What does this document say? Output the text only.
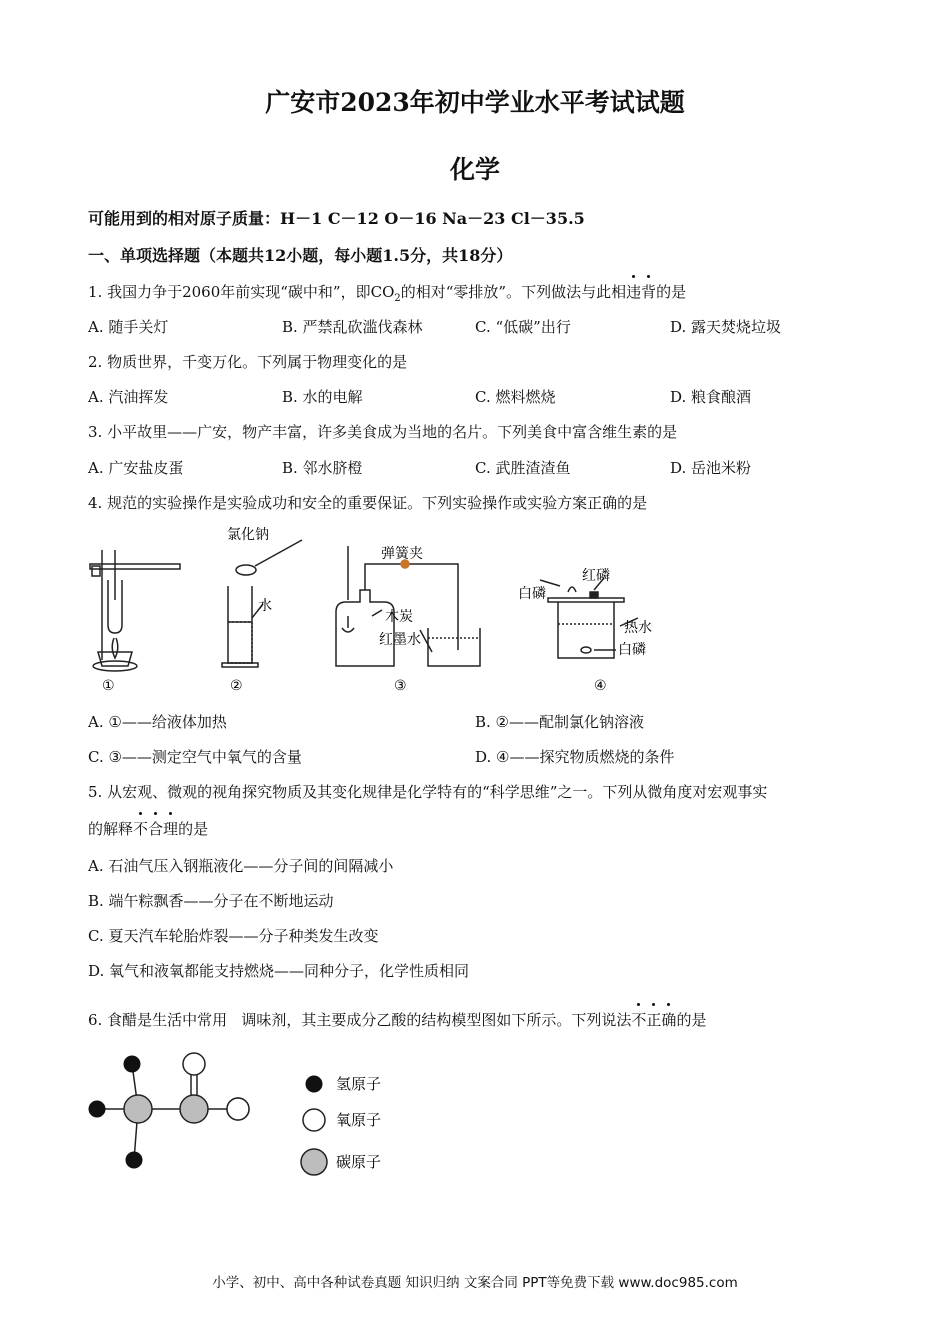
广安市2023年初中学业水平考试试题
化学
可能用到的相对原子质量：H－1 C－12 O－16 Na－23 Cl－35.5
一、单项选择题（本题共12小题，每小题1.5分，共18分）
1. 我国力争于2060年前实现“碳中和”，即$CO_2$的相对“零排放”。下列做法与此相违背的是
A. 随手关灯	B. 严禁乱砍滥伐森林	C. “低碳”出行	D. 露天焚烧垃圾
2. 物质世界，千变万化。下列属于物理变化的是
A. 汽油挥发	B. 水的电解	C. 燃料燃烧	D. 粮食酿酒
3. 小平故里——广安，物产丰富，许多美食成为当地的名片。下列美食中富含维生素的是
A. 广安盐皮蛋	B. 邻水脐橙	C. 武胜渣渣鱼	D. 岳池米粉
4. 规范的实验操作是实验成功和安全的重要保证。下列实验操作或实验方案正确的是
氯化钠
水
弹簧夹
木炭
红墨水
红磷
白磷
热水
白磷
①	②	③	④
A. ①——给液体加热	B. ②——配制氯化钠溶液
C. ③——测定空气中氧气的含量	D. ④——探究物质燃烧的条件
5. 从宏观、微观的视角探究物质及其变化规律是化学特有的“科学思维”之一。下列从微角度对宏观事实
的解释不合理的是
A. 石油气压入钢瓶液化——分子间的间隔减小
B. 端午粽飘香——分子在不断地运动
C. 夏天汽车轮胎炸裂——分子种类发生改变
D. 氧气和液氧都能支持燃烧——同种分子，化学性质相同
6. 食醋是生活中常用   调味剂，其主要成分乙酸的结构模型图如下所示。下列说法不正确的是
氢原子
氧原子
碳原子
小学、初中、高中各种试卷真题 知识归纳 文案合同 PPT等免费下载 www.doc985.com
